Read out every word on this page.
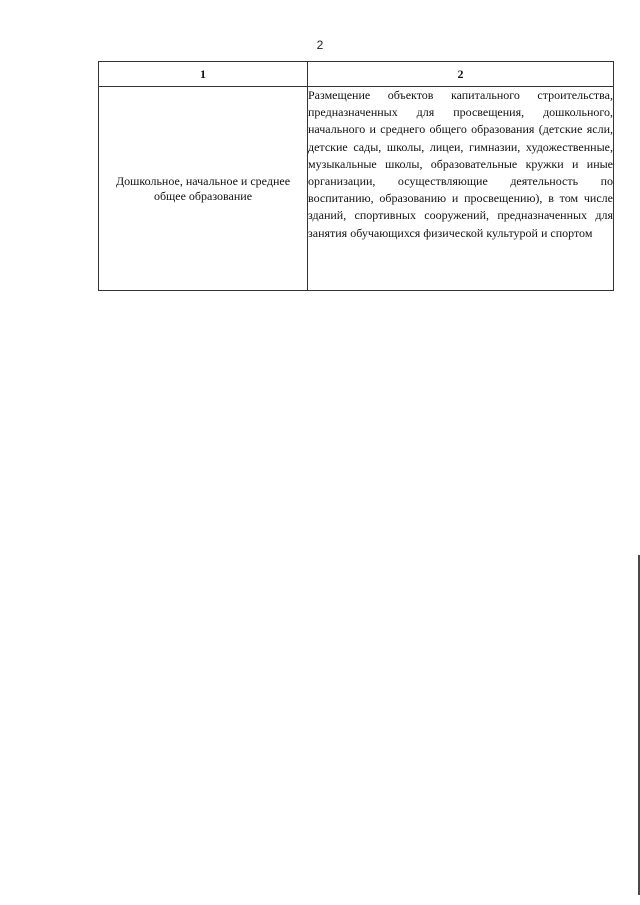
2
1	2
Дошкольное, начальное и среднее общее образование	Размещение объектов капитального строительства, предназначенных для просвещения, дошкольного, начального и среднего общего образования (детские ясли, детские сады, школы, лицеи, гимназии, художественные, музыкальные школы, образовательные кружки и иные организации, осуществляющие деятельность по воспитанию, образованию и просвещению), в том числе зданий, спортивных сооружений, предназначенных для занятия обучающихся физической культурой и спортом
